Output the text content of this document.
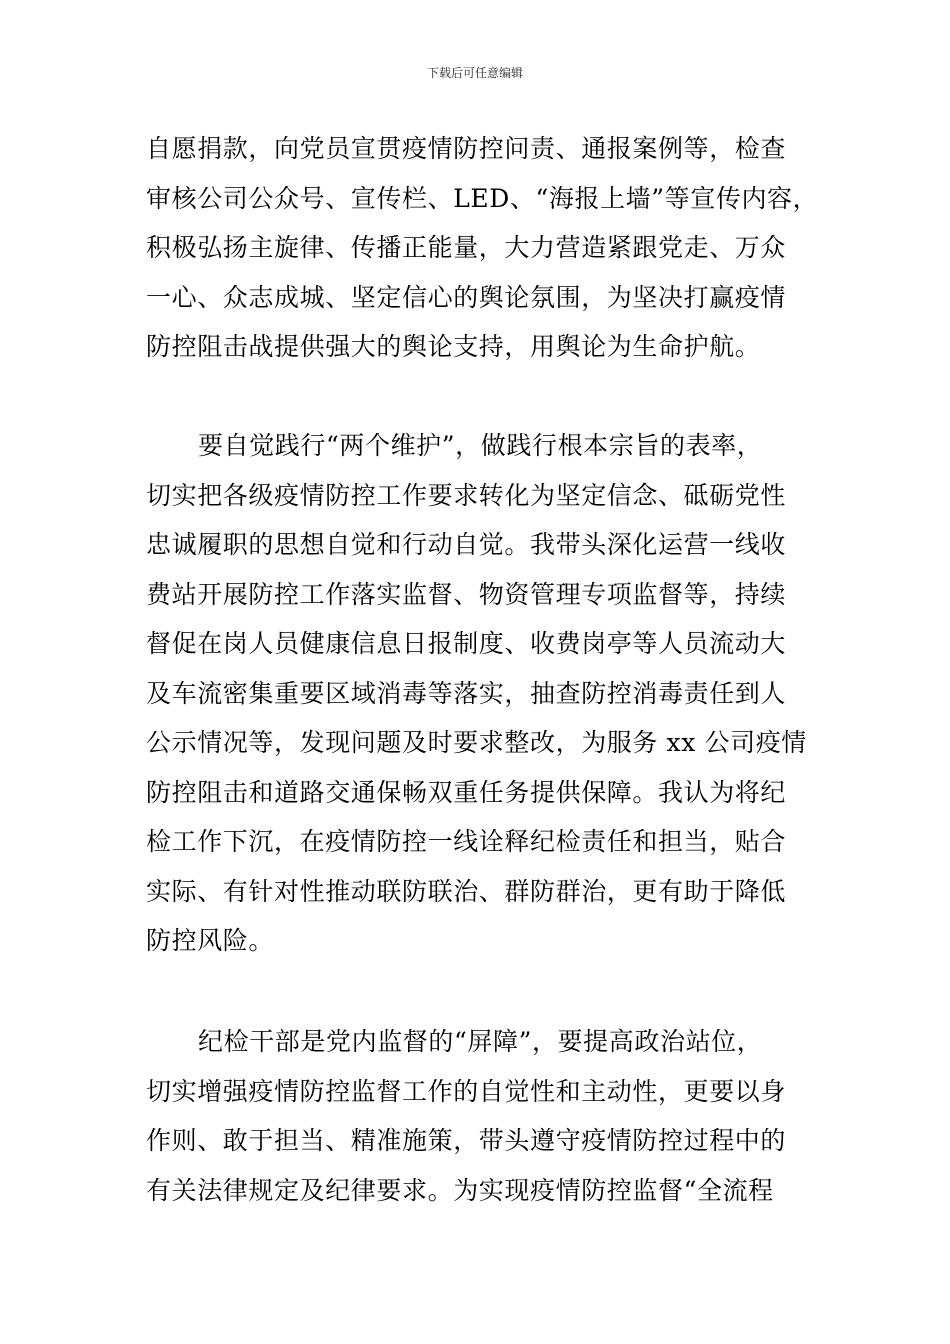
下载后可任意编辑
自愿捐款，向党员宣贯疫情防控问责、通报案例等，检查
审核公司公众号、宣传栏、LED、“海报上墙”等宣传内容，
积极弘扬主旋律、传播正能量，大力营造紧跟党走、万众
一心、众志成城、坚定信心的舆论氛围，为坚决打赢疫情
防控阻击战提供强大的舆论支持，用舆论为生命护航。
要自觉践行“两个维护”，做践行根本宗旨的表率，
切实把各级疫情防控工作要求转化为坚定信念、砥砺党性
忠诚履职的思想自觉和行动自觉。我带头深化运营一线收
费站开展防控工作落实监督、物资管理专项监督等，持续
督促在岗人员健康信息日报制度、收费岗亭等人员流动大
及车流密集重要区域消毒等落实，抽查防控消毒责任到人
公示情况等，发现问题及时要求整改，为服务 xx 公司疫情
防控阻击和道路交通保畅双重任务提供保障。我认为将纪
检工作下沉，在疫情防控一线诠释纪检责任和担当，贴合
实际、有针对性推动联防联治、群防群治，更有助于降低
防控风险。
纪检干部是党内监督的“屏障”，要提高政治站位，
切实增强疫情防控监督工作的自觉性和主动性，更要以身
作则、敢于担当、精准施策，带头遵守疫情防控过程中的
有关法律规定及纪律要求。为实现疫情防控监督“全流程
